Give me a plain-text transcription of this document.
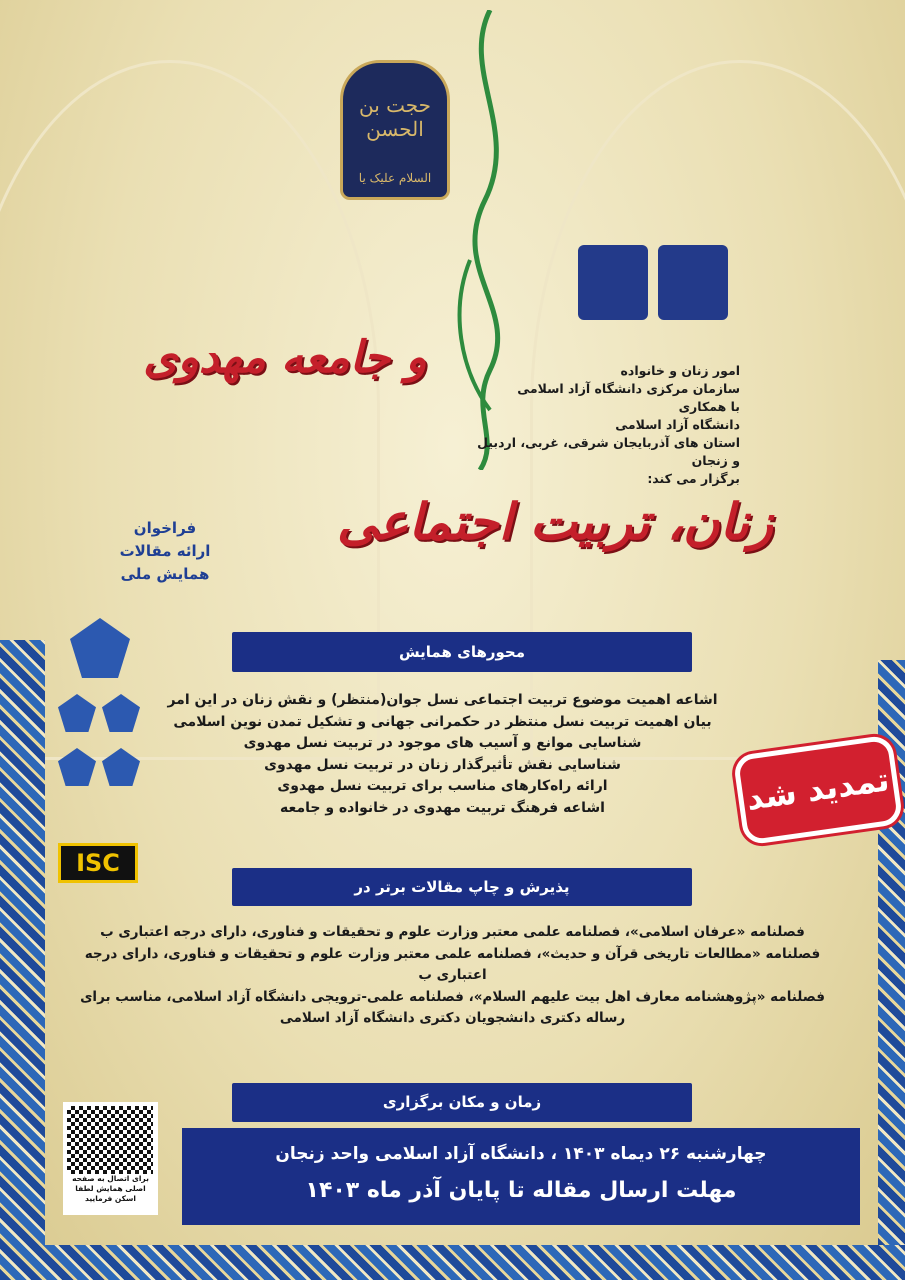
حجت بن الحسن
السلام علیک یا
امور زنان و خانواده
سازمان مرکزی دانشگاه آزاد اسلامی
با همکاری
دانشگاه آزاد اسلامی
استان های آذربایجان شرقی، غربی، اردبیل و زنجان
برگزار می کند:
و جامعه مهدوی
زنان، تربیت اجتماعی
فراخوان
ارائه مقالات
همایش ملی

ISC
محورهای همایش
اشاعه اهمیت موضوع تربیت اجتماعی نسل جوان(منتظر) و نقش زنان در این امر
بیان اهمیت تربیت نسل منتظر در حکمرانی جهانی و تشکیل تمدن نوین اسلامی
شناسایی موانع و آسیب های موجود در تربیت نسل مهدوی
شناسایی نقش تأثیرگذار زنان در تربیت نسل مهدوی
ارائه راه‌کارهای مناسب برای تربیت نسل مهدوی
اشاعه فرهنگ تربیت مهدوی در خانواده و جامعه	تمدید شد
پذیرش و چاپ مقالات برتر در
فصلنامه «عرفان اسلامی»، فصلنامه علمی معتبر وزارت علوم و تحقیقات و فناوری، دارای درجه اعتباری ب
فصلنامه «مطالعات تاریخی قرآن و حدیث»، فصلنامه علمی معتبر وزارت علوم و تحقیقات و فناوری، دارای درجه اعتباری ب
فصلنامه «پژوهشنامه معارف اهل بیت علیهم السلام»، فصلنامه علمی-ترویجی دانشگاه آزاد اسلامی، مناسب برای رساله دکتری دانشجویان دکتری دانشگاه آزاد اسلامی
زمان و مکان برگزاری
چهارشنبه ۲۶ دیماه ۱۴۰۳ ، دانشگاه آزاد اسلامی واحد زنجان
مهلت ارسال مقاله تا پایان آذر ماه ۱۴۰۳
برای اتصال به صفحه اصلی همایش لطفا اسکن فرمایید
